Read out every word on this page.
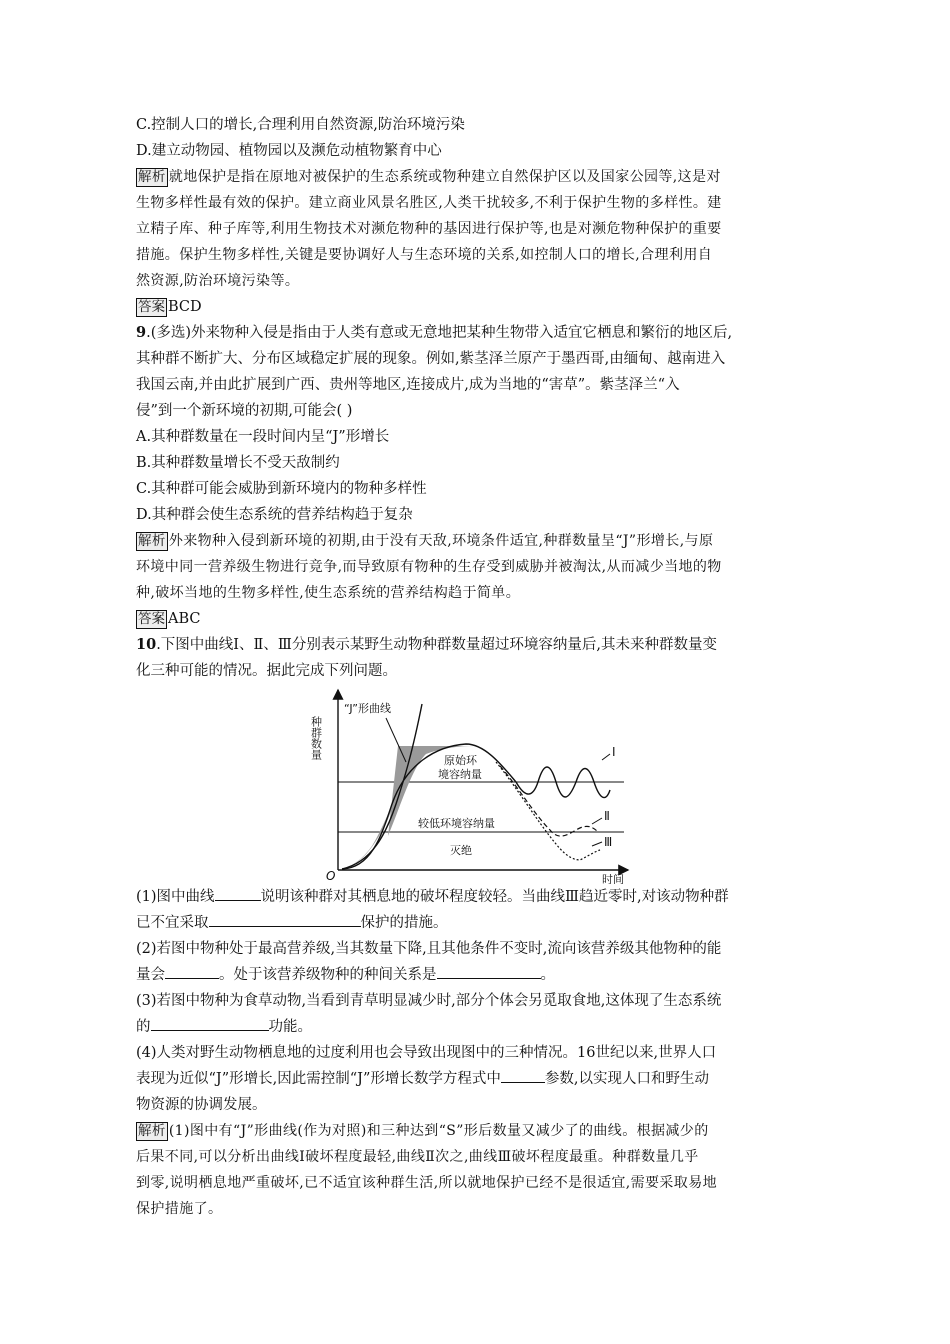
C.控制人口的增长,合理利用自然资源,防治环境污染
D.建立动物园、植物园以及濒危动植物繁育中心
解析 就地保护是指在原地对被保护的生态系统或物种建立自然保护区以及国家公园等,这是对
生物多样性最有效的保护。建立商业风景名胜区,人类干扰较多,不利于保护生物的多样性。建
立精子库、种子库等,利用生物技术对濒危物种的基因进行保护等,也是对濒危物种保护的重要
措施。保护生物多样性,关键是要协调好人与生态环境的关系,如控制人口的增长,合理利用自
然资源,防治环境污染等。
答案 BCD
9.(多选)外来物种入侵是指由于人类有意或无意地把某种生物带入适宜它栖息和繁衍的地区后,
其种群不断扩大、分布区域稳定扩展的现象。例如,紫茎泽兰原产于墨西哥,由缅甸、越南进入
我国云南,并由此扩展到广西、贵州等地区,连接成片,成为当地的“害草”。紫茎泽兰“入
侵”到一个新环境的初期,可能会( )
A.其种群数量在一段时间内呈“J”形增长
B.其种群数量增长不受天敌制约
C.其种群可能会威胁到新环境内的物种多样性
D.其种群会使生态系统的营养结构趋于复杂
解析 外来物种入侵到新环境的初期,由于没有天敌,环境条件适宜,种群数量呈“J”形增长,与原
环境中同一营养级生物进行竞争,而导致原有物种的生存受到威胁并被淘汰,从而减少当地的物
种,破坏当地的生物多样性,使生态系统的营养结构趋于简单。
答案 ABC
10.下图中曲线Ⅰ、Ⅱ、Ⅲ分别表示某野生动物种群数量超过环境容纳量后,其未来种群数量变
化三种可能的情况。据此完成下列问题。
种群数量
“J”形曲线
原始环
境容纳量
较低环境容纳量
灭绝
Ⅰ
Ⅱ
Ⅲ
O	时间
(1)图中曲线	说明该种群对其栖息地的破坏程度较轻。当曲线Ⅲ趋近零时,对该动物种群
已不宜采取	保护的措施。
(2)若图中物种处于最高营养级,当其数量下降,且其他条件不变时,流向该营养级其他物种的能
量会	。处于该营养级物种的种间关系是	。
(3)若图中物种为食草动物,当看到青草明显减少时,部分个体会另觅取食地,这体现了生态系统
的	功能。
(4)人类对野生动物栖息地的过度利用也会导致出现图中的三种情况。16世纪以来,世界人口
表现为近似“J”形增长,因此需控制“J”形增长数学方程式中	参数,以实现人口和野生动
物资源的协调发展。
解析 (1)图中有“J”形曲线(作为对照)和三种达到“S”形后数量又减少了的曲线。根据减少的
后果不同,可以分析出曲线Ⅰ破坏程度最轻,曲线Ⅱ次之,曲线Ⅲ破坏程度最重。种群数量几乎
到零,说明栖息地严重破坏,已不适宜该种群生活,所以就地保护已经不是很适宜,需要采取易地
保护措施了。
